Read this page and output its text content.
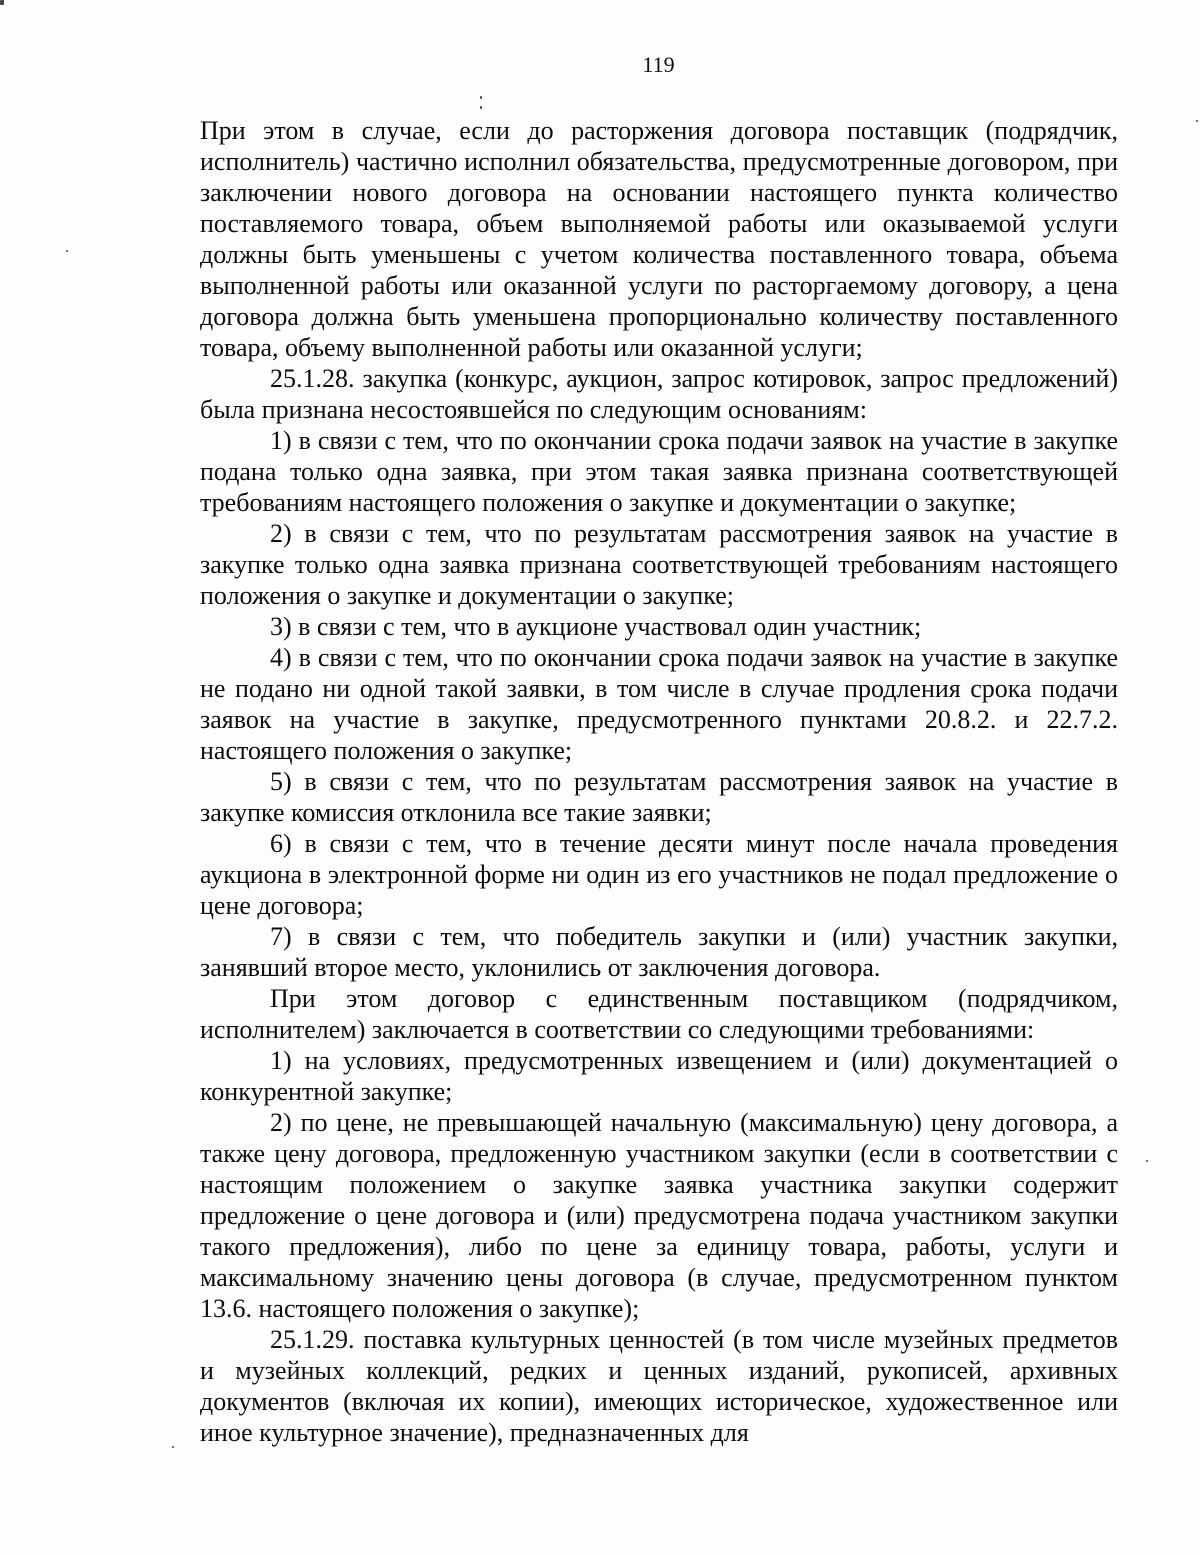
119

При этом в случае, если до расторжения договора поставщик (подрядчик, исполнитель) частично исполнил обязательства, предусмотренные договором, при заключении нового договора на основании настоящего пункта количество поставляемого товара, объем выполняемой работы или оказываемой услуги должны быть уменьшены с учетом количества поставленного товара, объема выполненной работы или оказанной услуги по расторгаемому договору, а цена договора должна быть уменьшена пропорционально количеству поставленного товара, объему выполненной работы или оказанной услуги;

25.1.28. закупка (конкурс, аукцион, запрос котировок, запрос предложений) была признана несостоявшейся по следующим основаниям:

1) в связи с тем, что по окончании срока подачи заявок на участие в закупке подана только одна заявка, при этом такая заявка признана соответствующей требованиям настоящего положения о закупке и документации о закупке;

2) в связи с тем, что по результатам рассмотрения заявок на участие в закупке только одна заявка признана соответствующей требованиям настоящего положения о закупке и документации о закупке;

3) в связи с тем, что в аукционе участвовал один участник;

4) в связи с тем, что по окончании срока подачи заявок на участие в закупке не подано ни одной такой заявки, в том числе в случае продления срока подачи заявок на участие в закупке, предусмотренного пунктами 20.8.2. и 22.7.2. настоящего положения о закупке;

5) в связи с тем, что по результатам рассмотрения заявок на участие в закупке комиссия отклонила все такие заявки;

6) в связи с тем, что в течение десяти минут после начала проведения аукциона в электронной форме ни один из его участников не подал предложение о цене договора;

7) в связи с тем, что победитель закупки и (или) участник закупки, занявший второе место, уклонились от заключения договора.

При этом договор с единственным поставщиком (подрядчиком, исполнителем) заключается в соответствии со следующими требованиями:

1) на условиях, предусмотренных извещением и (или) документацией о конкурентной закупке;

2) по цене, не превышающей начальную (максимальную) цену договора, а также цену договора, предложенную участником закупки (если в соответствии с настоящим положением о закупке заявка участника закупки содержит предложение о цене договора и (или) предусмотрена подача участником закупки такого предложения), либо по цене за единицу товара, работы, услуги и максимальному значению цены договора (в случае, предусмотренном пунктом 13.6. настоящего положения о закупке);

25.1.29. поставка культурных ценностей (в том числе музейных предметов и музейных коллекций, редких и ценных изданий, рукописей, архивных документов (включая их копии), имеющих историческое, художественное или иное культурное значение), предназначенных для
